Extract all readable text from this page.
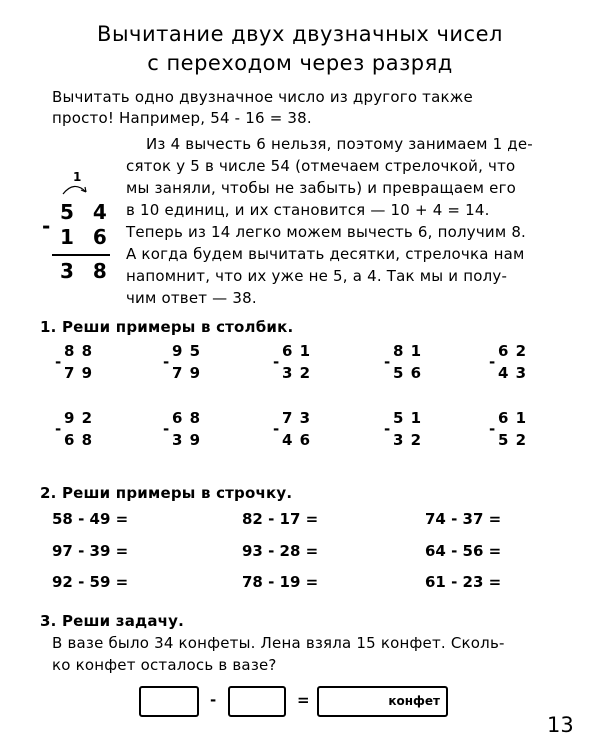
Вычитание двух двузначных чисел
с переходом через разряд
Вычитать одно двузначное число из другого также
просто! Например, 54 - 16 = 38.
1
5 4
- 1 6
3 8
Из 4 вычесть 6 нельзя, поэтому занимаем 1 де-
сяток у 5 в числе 54 (отмечаем стрелочкой, что
мы заняли, чтобы не забыть) и превращаем его
в 10 единиц, и их становится — 10 + 4 = 14.
Теперь из 14 легко можем вычесть 6, получим 8.
А когда будем вычитать десятки, стрелочка нам
напомнит, что их уже не 5, а 4. Так мы и полу-
чим ответ — 38.
1. Реши примеры в столбик.
-
8 8
7 9
-
9 5
7 9
-
6 1
3 2
-
8 1
5 6
-
6 2
4 3
-
9 2
6 8
-
6 8
3 9
-
7 3
4 6
-
5 1
3 2
-
6 1
5 2
2. Реши примеры в строчку.
58 - 49 =
97 - 39 =
92 - 59 =
82 - 17 =
93 - 28 =
78 - 19 =
74 - 37 =
64 - 56 =
61 - 23 =
3. Реши задачу.
В вазе было 34 конфеты. Лена взяла 15 конфет. Сколь-
ко конфет осталось в вазе?
-	=	конфет
13
